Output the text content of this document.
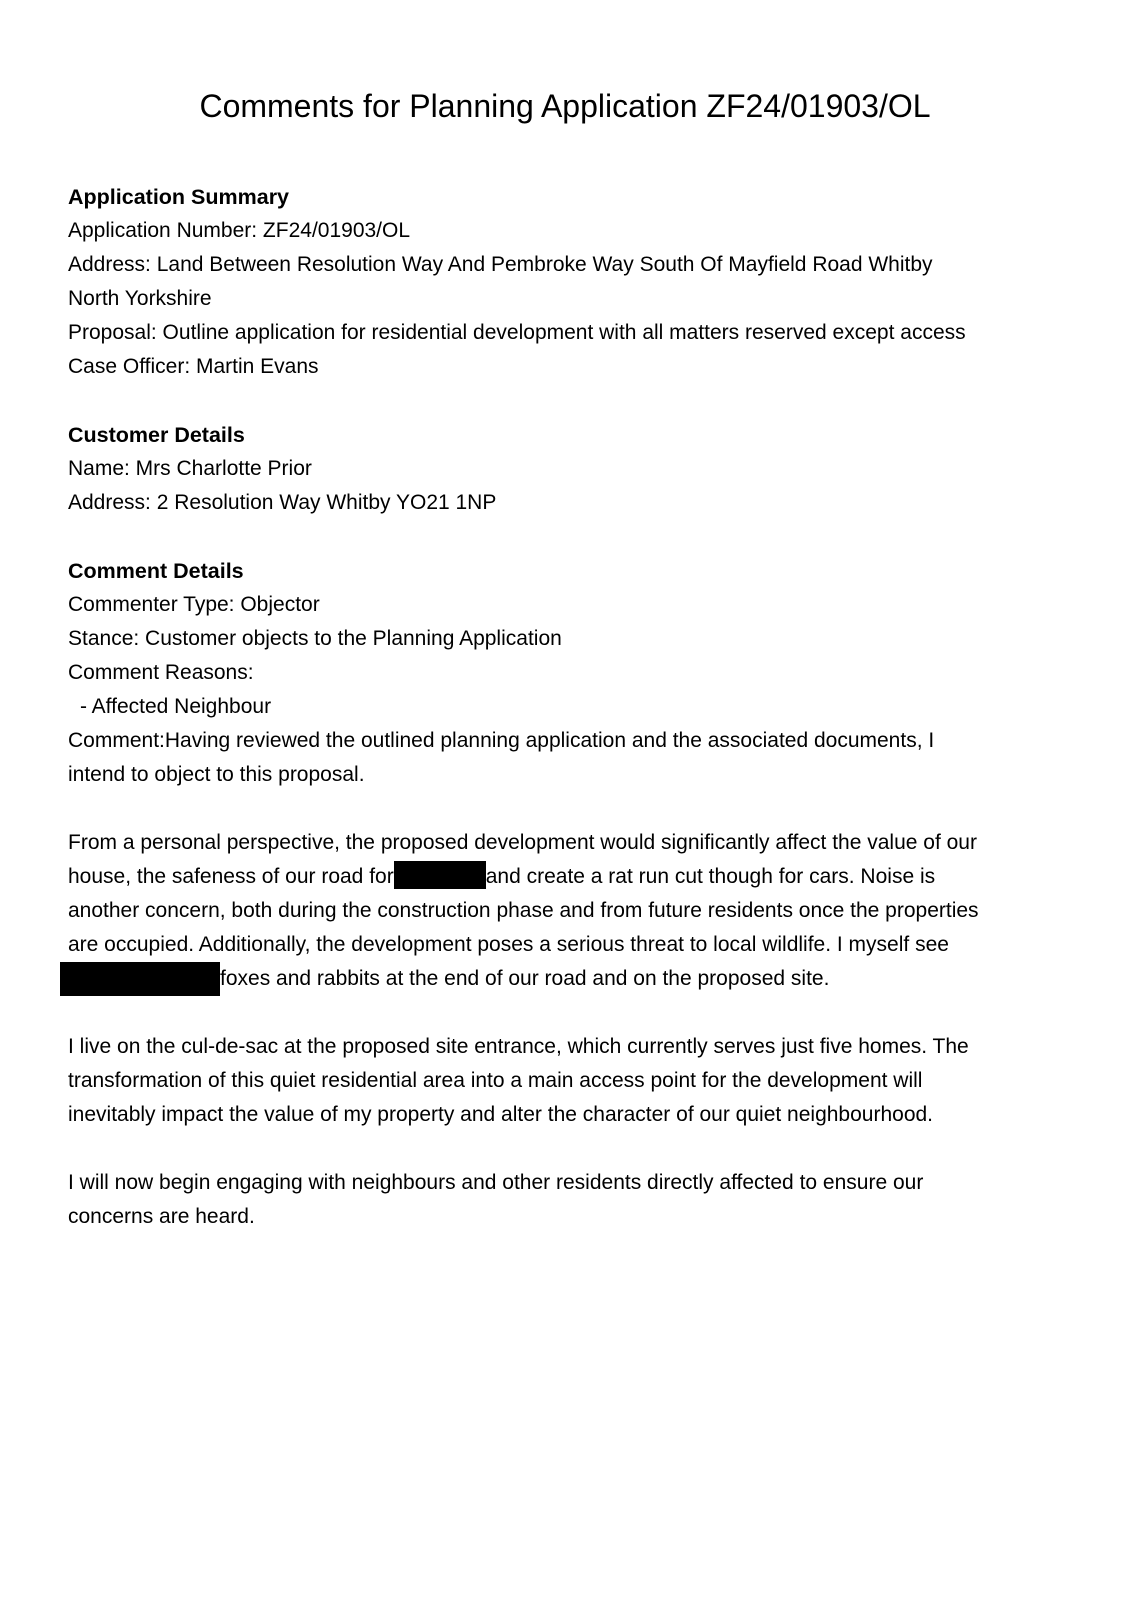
Comments for Planning Application ZF24/01903/OL

Application Summary

Application Number: ZF24/01903/OL

Address: Land Between Resolution Way And Pembroke Way South Of Mayfield Road Whitby

North Yorkshire

Proposal: Outline application for residential development with all matters reserved except access

Case Officer: Martin Evans

Customer Details

Name: Mrs Charlotte Prior

Address: 2 Resolution Way Whitby YO21 1NP

Comment Details

Commenter Type: Objector

Stance: Customer objects to the Planning Application

Comment Reasons:

- Affected Neighbour

Comment:Having reviewed the outlined planning application and the associated documents, I

intend to object to this proposal.

From a personal perspective, the proposed development would significantly affect the value of our

house, the safeness of our road for	and create a rat run cut though for cars. Noise is

another concern, both during the construction phase and from future residents once the properties

are occupied. Additionally, the development poses a serious threat to local wildlife. I myself see

foxes and rabbits at the end of our road and on the proposed site.

I live on the cul-de-sac at the proposed site entrance, which currently serves just five homes. The

transformation of this quiet residential area into a main access point for the development will

inevitably impact the value of my property and alter the character of our quiet neighbourhood.

I will now begin engaging with neighbours and other residents directly affected to ensure our

concerns are heard.
